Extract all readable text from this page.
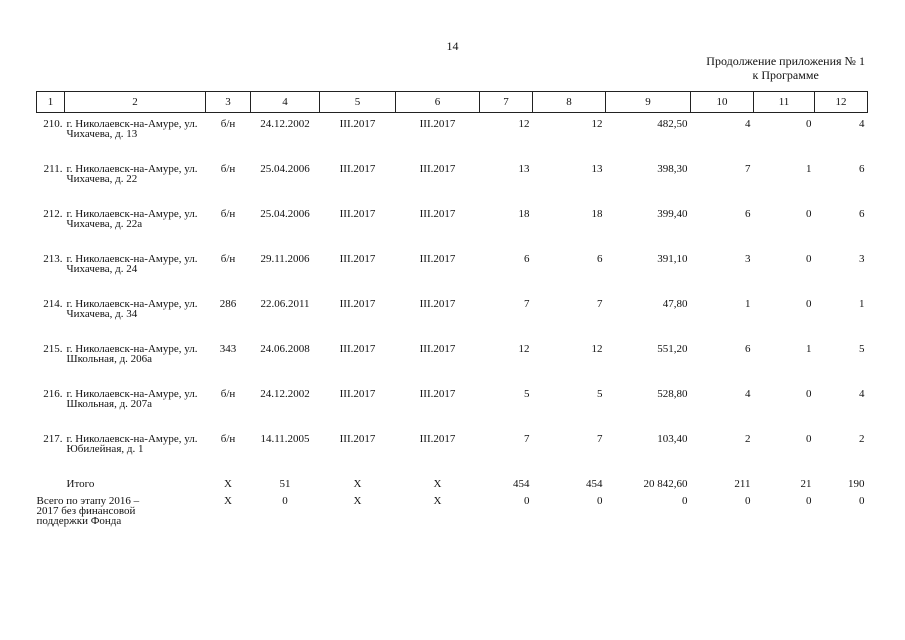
14
Продолжение приложения № 1
к Программе
1	2	3	4	5	6	7	8	9	10	11	12
210.	г. Николаевск-на-Амуре, ул. Чихачева, д. 13	б/н	24.12.2002	III.2017	III.2017	12	12	482,50	4	0	4
211.	г. Николаевск-на-Амуре, ул. Чихачева, д. 22	б/н	25.04.2006	III.2017	III.2017	13	13	398,30	7	1	6
212.	г. Николаевск-на-Амуре, ул. Чихачева, д. 22а	б/н	25.04.2006	III.2017	III.2017	18	18	399,40	6	0	6
213.	г. Николаевск-на-Амуре, ул. Чихачева, д. 24	б/н	29.11.2006	III.2017	III.2017	6	6	391,10	3	0	3
214.	г. Николаевск-на-Амуре, ул. Чихачева, д. 34	286	22.06.2011	III.2017	III.2017	7	7	47,80	1	0	1
215.	г. Николаевск-на-Амуре, ул. Школьная, д. 206а	343	24.06.2008	III.2017	III.2017	12	12	551,20	6	1	5
216.	г. Николаевск-на-Амуре, ул. Школьная, д. 207а	б/н	24.12.2002	III.2017	III.2017	5	5	528,80	4	0	4
217.	г. Николаевск-на-Амуре, ул. Юбилейная, д. 1	б/н	14.11.2005	III.2017	III.2017	7	7	103,40	2	0	2
	Итого	X	51	X	X	454	454	20 842,60	211	21	190
Всего по этапу 2016 – 2017 без финансовой поддержки Фонда		X	0	X	X	0	0	0	0	0	0
